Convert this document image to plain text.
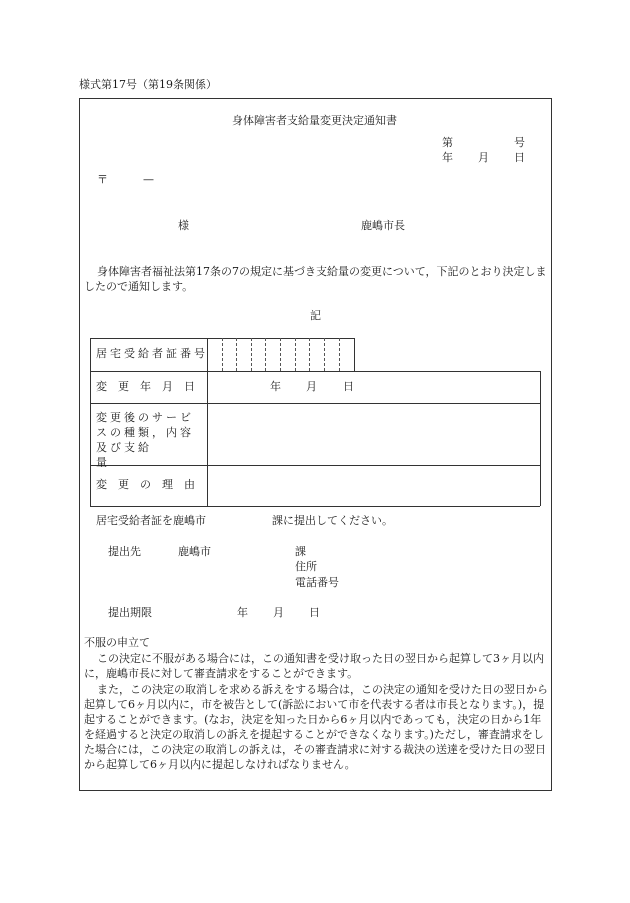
様式第17号（第19条関係）
身体障害者支給量変更決定通知書
第	号
年 月 日
〒	—
様	鹿嶋市長
身体障害者福祉法第17条の7の規定に基づき支給量の変更について，下記のとおり決定しましたので通知します。
記
居宅受給者証番号
変　更　年　月　日	年 月 日
変更後のサービスの種類，内容及び支給　　　　　量
変　更　の　理　由
居宅受給者証を鹿嶋市	課に提出してください。
提出先	鹿嶋市	課
住所
電話番号
提出期限	年 月 日
不服の申立て
この決定に不服がある場合には，この通知書を受け取った日の翌日から起算して3ヶ月以内に，鹿嶋市長に対して審査請求をすることができます。
また，この決定の取消しを求める訴えをする場合は，この決定の通知を受けた日の翌日から起算して6ヶ月以内に，市を被告として(訴訟において市を代表する者は市長となります。)，提起することができます。(なお，決定を知った日から6ヶ月以内であっても，決定の日から1年を経過すると決定の取消しの訴えを提起することができなくなります。)ただし，審査請求をした場合には，この決定の取消しの訴えは，その審査請求に対する裁決の送達を受けた日の翌日から起算して6ヶ月以内に提起しなければなりません。
